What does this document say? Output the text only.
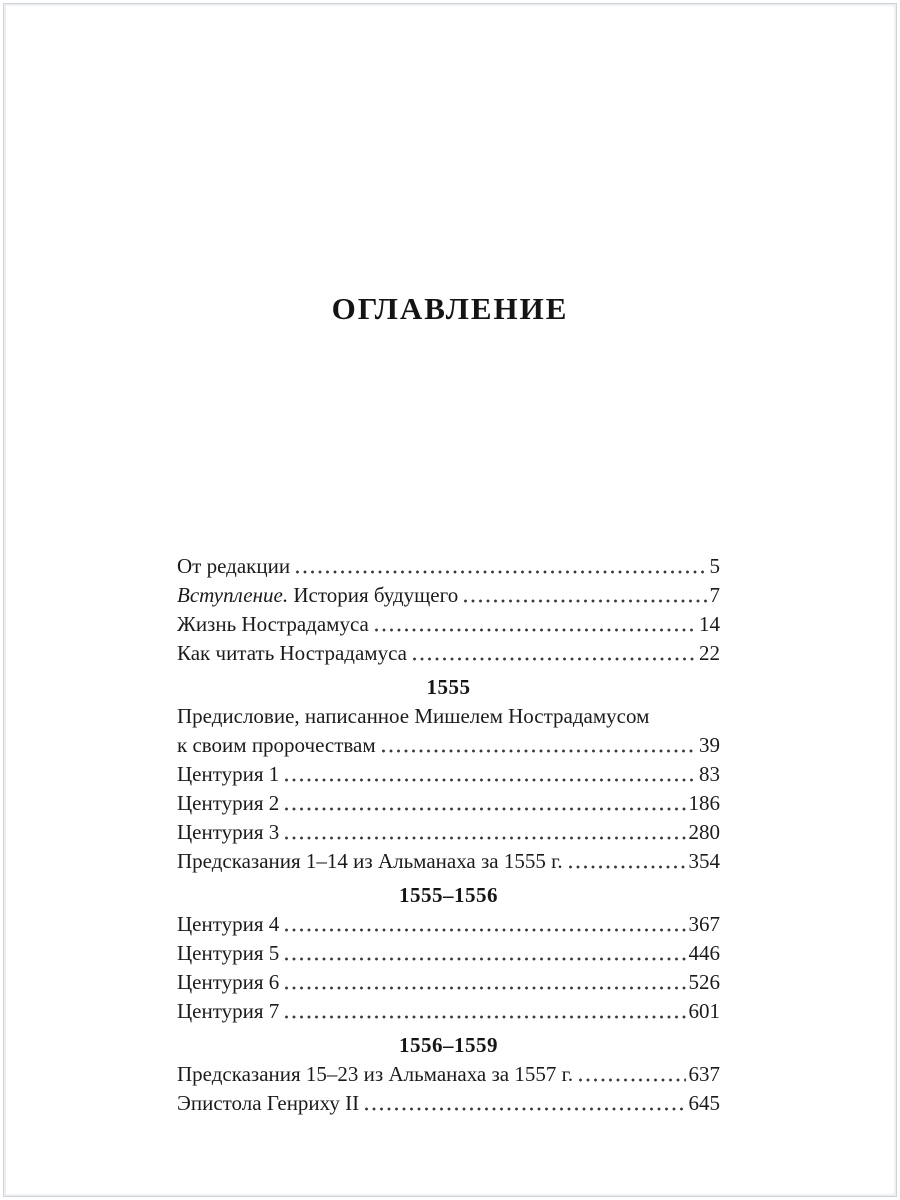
ОГЛАВЛЕНИЕ
От редакции	5
Вступление. История будущего	7
Жизнь Нострадамуса	14
Как читать Нострадамуса	22
1555
Предисловие, написанное Мишелем Нострадамусом
к своим пророчествам	39
Центурия 1	83
Центурия 2	186
Центурия 3	280
Предсказания 1–14 из Альманаха за 1555 г.	354
1555–1556
Центурия 4	367
Центурия 5	446
Центурия 6	526
Центурия 7	601
1556–1559
Предсказания 15–23 из Альманаха за 1557 г.	637
Эпистола Генриху II	645
